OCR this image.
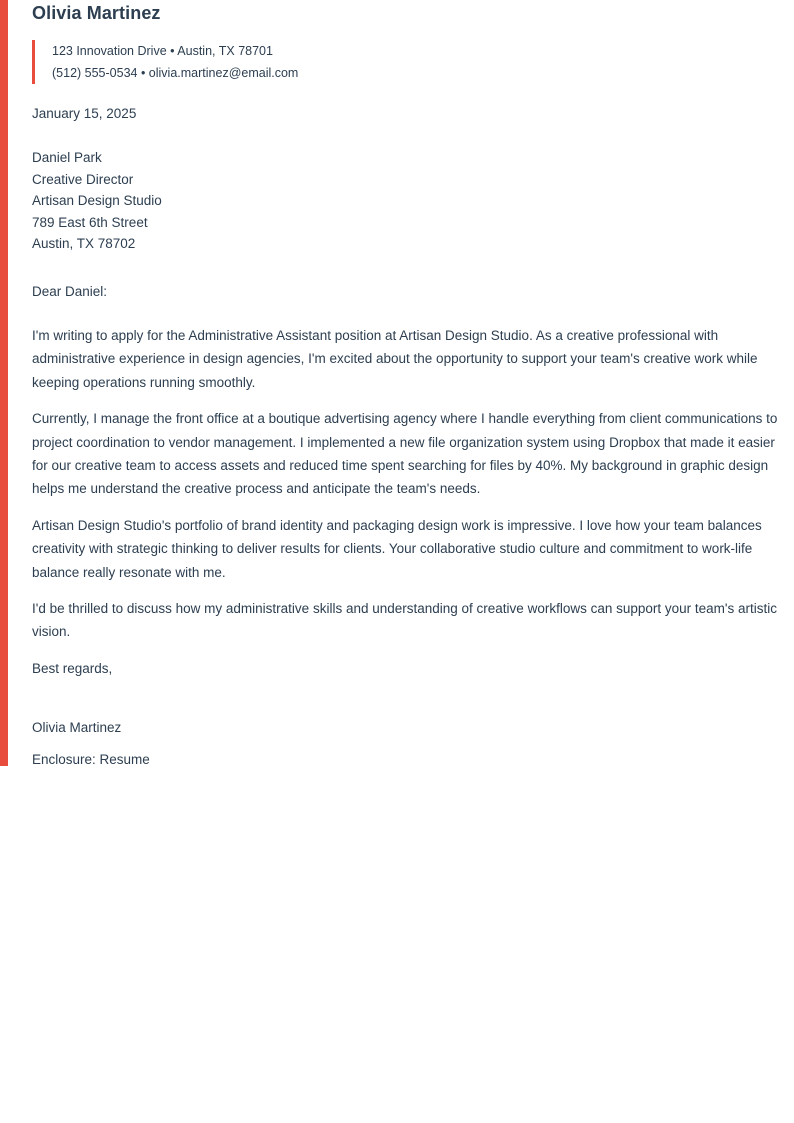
Olivia Martinez
123 Innovation Drive • Austin, TX 78701
(512) 555-0534 • olivia.martinez@email.com
January 15, 2025
Daniel Park
Creative Director
Artisan Design Studio
789 East 6th Street
Austin, TX 78702
Dear Daniel:

I'm writing to apply for the Administrative Assistant position at Artisan Design Studio. As a creative professional with administrative experience in design agencies, I'm excited about the opportunity to support your team's creative work while keeping operations running smoothly.

Currently, I manage the front office at a boutique advertising agency where I handle everything from client communications to project coordination to vendor management. I implemented a new file organization system using Dropbox that made it easier for our creative team to access assets and reduced time spent searching for files by 40%. My background in graphic design helps me understand the creative process and anticipate the team's needs.

Artisan Design Studio's portfolio of brand identity and packaging design work is impressive. I love how your team balances creativity with strategic thinking to deliver results for clients. Your collaborative studio culture and commitment to work-life balance really resonate with me.

I'd be thrilled to discuss how my administrative skills and understanding of creative workflows can support your team's artistic vision.

Best regards,

Olivia Martinez

Enclosure: Resume
